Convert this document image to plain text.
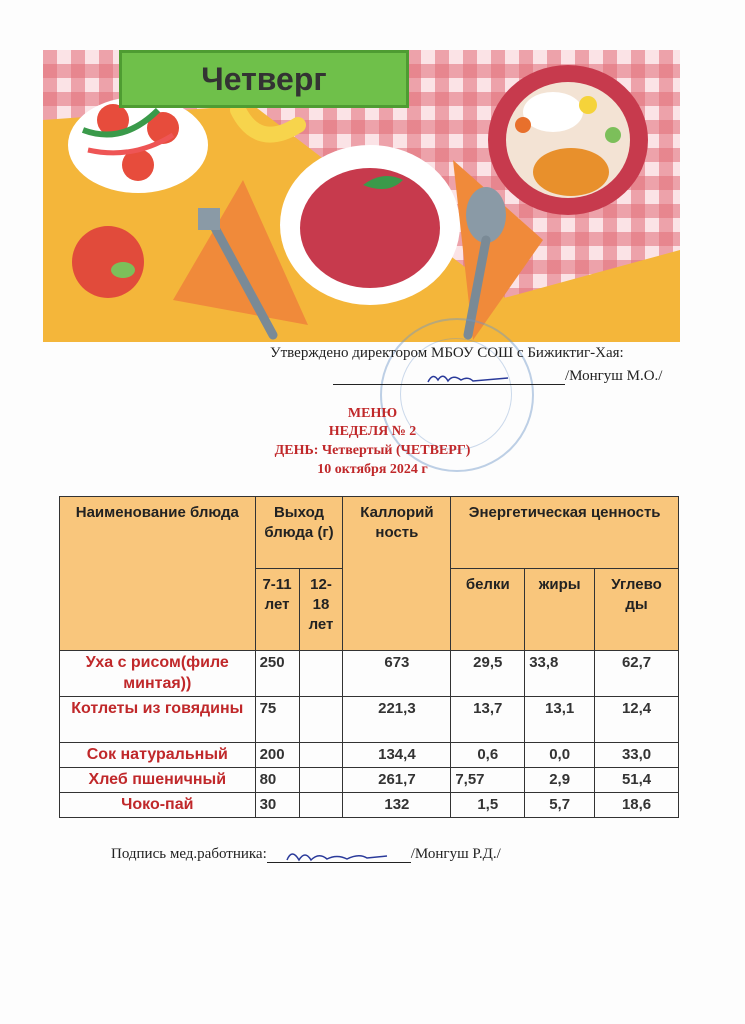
Четверг
Утверждено директором МБОУ СОШ с Бижиктиг-Хая:
/Монгуш М.О./
МЕНЮ
НЕДЕЛЯ № 2
ДЕНЬ: Четвертый (ЧЕТВЕРГ)
10 октября 2024 г
Наименование блюда	Выход блюда (г)		Каллорий ность	Энергетическая ценность		
	7-11 лет	12-18 лет		белки	жиры	Углево ды
Уха с рисом(филе минтая))	250		673	29,5	33,8	62,7
Котлеты из говядины	75		221,3	13,7	13,1	12,4
Сок натуральный	200		134,4	0,6	0,0	33,0
Хлеб пшеничный	80		261,7	7,57	2,9	51,4
Чоко-пай	30		132	1,5	5,7	18,6
Подпись мед.работника:	/Монгуш Р.Д./
